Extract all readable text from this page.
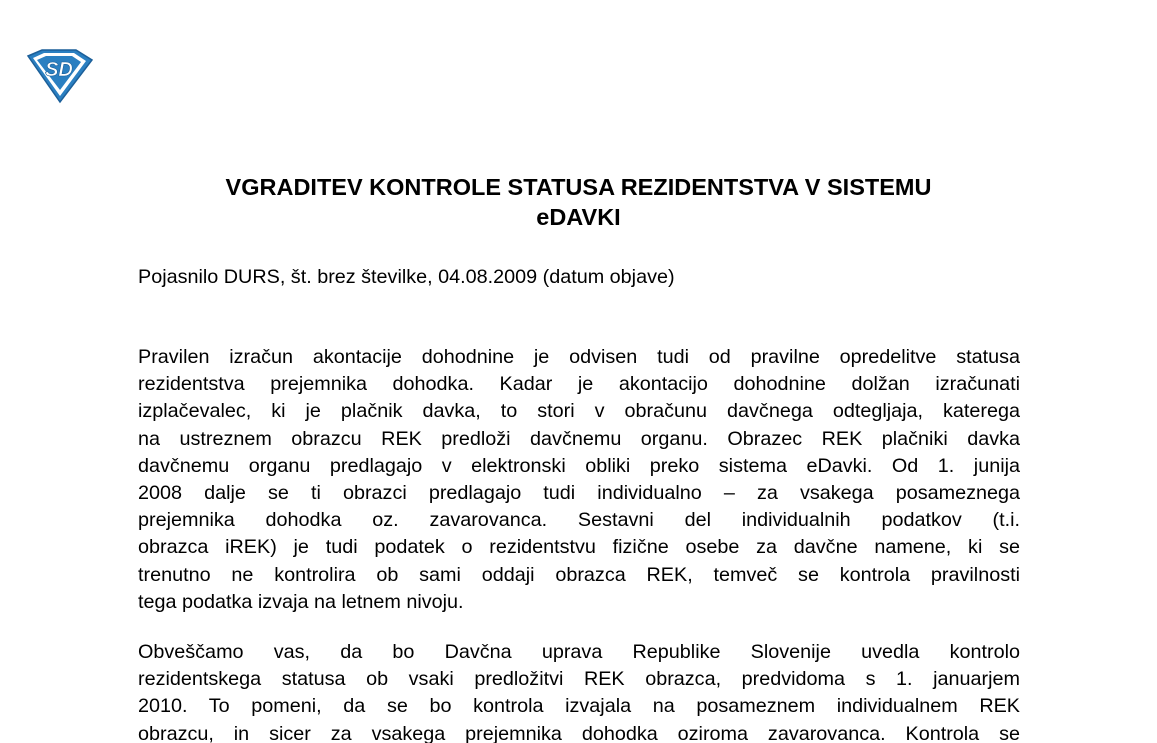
SD
VGRADITEV KONTROLE STATUSA REZIDENTSTVA V SISTEMU
eDAVKI

Pojasnilo DURS, št. brez številke, 04.08.2009 (datum objave)

Pravilen izračun akontacije dohodnine je odvisen tudi od pravilne opredelitve statusa
rezidentstva prejemnika dohodka. Kadar je akontacijo dohodnine dolžan izračunati
izplačevalec, ki je plačnik davka, to stori v obračunu davčnega odtegljaja, katerega
na ustreznem obrazcu REK predloži davčnemu organu. Obrazec REK plačniki davka
davčnemu organu predlagajo v elektronski obliki preko sistema eDavki. Od 1. junija
2008 dalje se ti obrazci predlagajo tudi individualno – za vsakega posameznega
prejemnika dohodka oz. zavarovanca. Sestavni del individualnih podatkov (t.i.
obrazca iREK) je tudi podatek o rezidentstvu fizične osebe za davčne namene, ki se
trenutno ne kontrolira ob sami oddaji obrazca REK, temveč se kontrola pravilnosti
tega podatka izvaja na letnem nivoju.
Obveščamo vas, da bo Davčna uprava Republike Slovenije uvedla kontrolo
rezidentskega statusa ob vsaki predložitvi REK obrazca, predvidoma s 1. januarjem
2010. To pomeni, da se bo kontrola izvajala na posameznem individualnem REK
obrazcu, in sicer za vsakega prejemnika dohodka oziroma zavarovanca. Kontrola se
